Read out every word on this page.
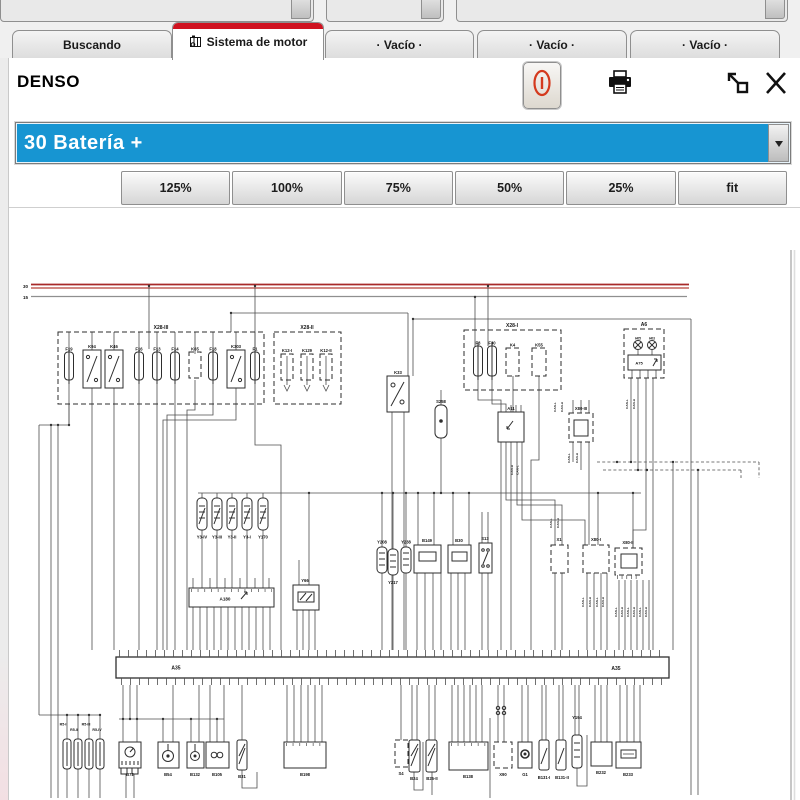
Buscando	Sistema de motor	· Vacío ·	· Vacío ·	· Vacío ·
DENSO
30 Batería +
125%	100%	75%	50%	25%	fit
30
15
X28-III	X28-II	X28-I	A6
F19	K94	K46	F16	F13	F14	K65	F18	K303	F1	K12-I K129 K12-II
F3 F30	K4	K55
H05	H03
A75
K33
S258
A11	X80-III
Y3-IV Y3-III Y3-II Y3-I Y170
A180
Y66
Y208	Y238
Y217
B149	B30	S13	X1	X80-I
X80-II
A35	A35
R5-I	R5-III
R5-II	R5-IV
B72	B54	B132	B105	B31	B198	S4
B24 B25-II	B138	X90	G1
B131-I B131-II
Y194
B232	B233
CAN-H CAN-L
CAN-L CAN-H
CAN-L CAN-H
CAN-L CAN-H
CAN-L CAN-H CAN-L CAN-H
CAN-L CAN-H CAN-L CAN-H CAN-L CAN-H
CAN-L CAN-H
